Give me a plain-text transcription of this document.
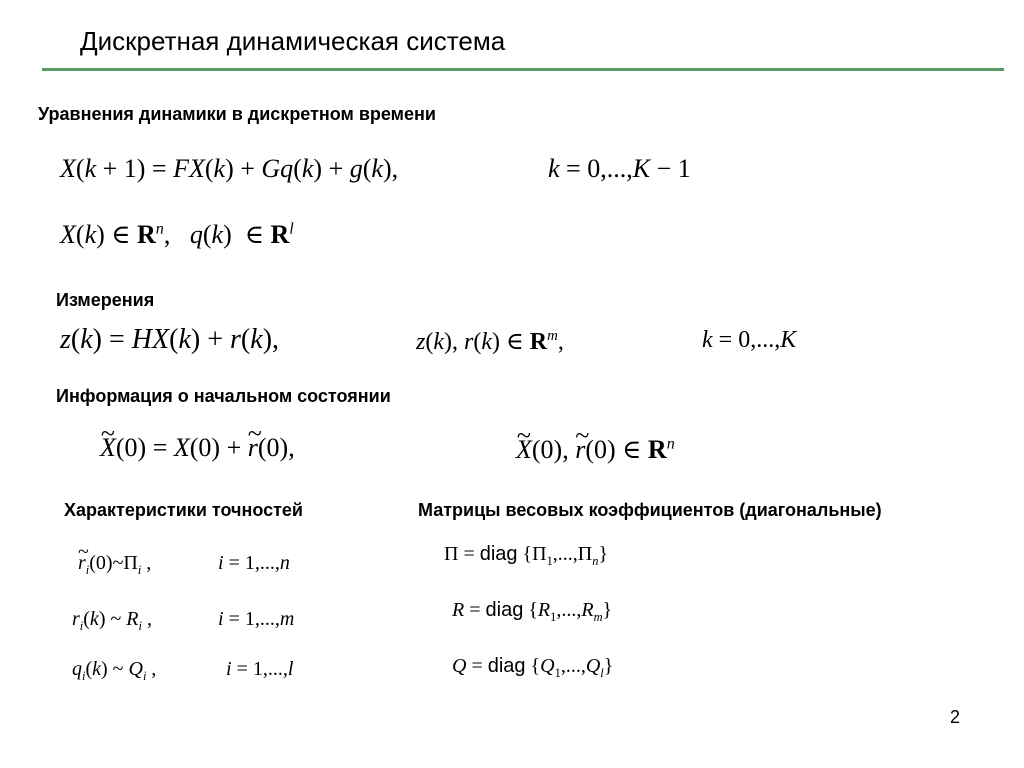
Дискретная динамическая система
Уравнения динамики в дискретном времени
X(k + 1) = FX(k) + Gq(k) + g(k),	k = 0,...,K − 1
X(k) ∈ $R^n$,   q(k)  ∈ $R^l$
Измерения
z(k) = HX(k) + r(k),	z(k), r(k) ∈ $R^m$,	k = 0,...,K
Информация о начальном состоянии
~ X(0) = X(0) + ~ r(0),
~	X(0), ~ r(0) ∈ $R^n$
Характеристики точностей
~ $r_i(0)\sim\Pi_i$ ,	i = 1,...,n
$r_i(k)$ ~ $R_i$ ,	i = 1,...,m
$q_i(k)$ ~ $Q_i$ ,	i = 1,...,l
Матрицы весовых коэффициентов (диагональные)
Π = diag $\{\Pi_1,...,\Pi_n\}$
R = diag $\{R_1,...,R_m\}$
Q = diag $\{Q_1,...,Q_l\}$
2
